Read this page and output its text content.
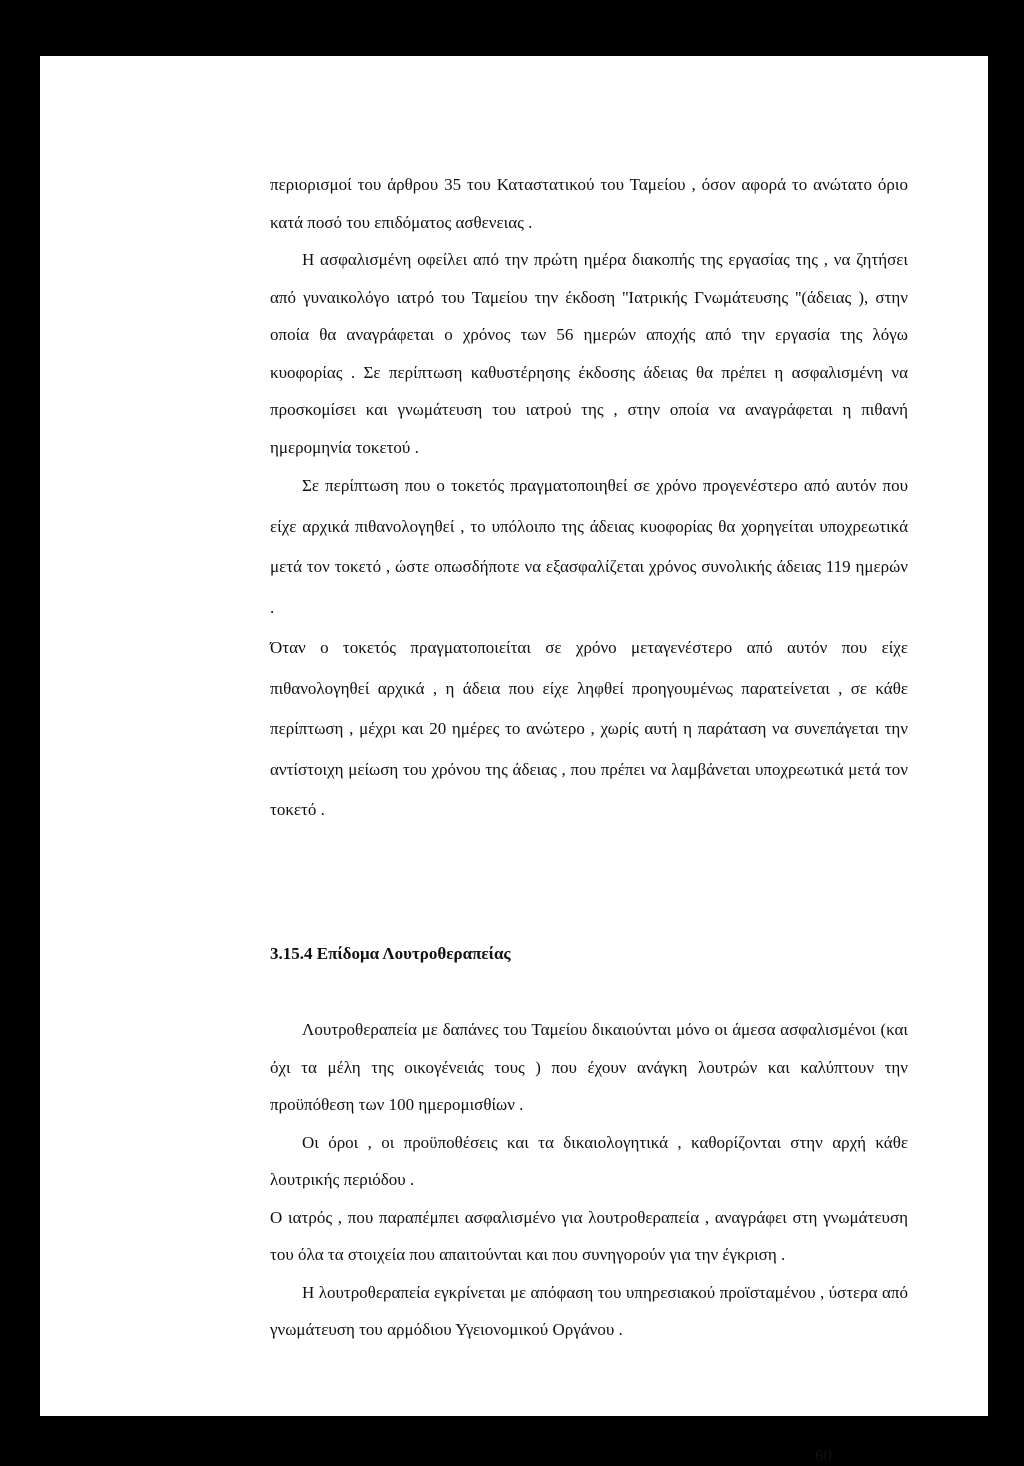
περιορισμοί του άρθρου 35 του Καταστατικού του Ταμείου , όσον αφορά το ανώτατο όριο κατά ποσό του επιδόματος ασθενειας .

Η ασφαλισμένη οφείλει από την πρώτη ημέρα διακοπής της εργασίας της , να ζητήσει από γυναικολόγο ιατρό του Ταμείου την έκδοση ''Ιατρικής Γνωμάτευσης ''(άδειας ), στην οποία θα αναγράφεται ο χρόνος των 56 ημερών αποχής από την εργασία της λόγω κυοφορίας . Σε περίπτωση καθυστέρησης έκδοσης άδειας θα πρέπει η ασφαλισμένη να προσκομίσει και γνωμάτευση του ιατρού της , στην οποία να αναγράφεται η πιθανή ημερομηνία τοκετού .

Σε περίπτωση που ο τοκετός πραγματοποιηθεί σε χρόνο προγενέστερο από αυτόν που είχε αρχικά πιθανολογηθεί , το υπόλοιπο της άδειας κυοφορίας θα χορηγείται υποχρεωτικά μετά τον τοκετό , ώστε οπωσδήποτε να εξασφαλίζεται χρόνος συνολικής άδειας 119 ημερών .

Όταν ο τοκετός πραγματοποιείται σε χρόνο μεταγενέστερο από αυτόν που είχε πιθανολογηθεί αρχικά , η άδεια που είχε ληφθεί προηγουμένως παρατείνεται , σε κάθε περίπτωση , μέχρι και 20 ημέρες το ανώτερο , χωρίς αυτή η παράταση να συνεπάγεται την αντίστοιχη μείωση του χρόνου της άδειας , που πρέπει να λαμβάνεται υποχρεωτικά μετά τον τοκετό .

3.15.4 Επίδομα Λουτροθεραπείας

Λουτροθεραπεία με δαπάνες του Ταμείου δικαιούνται μόνο οι άμεσα ασφαλισμένοι (και όχι τα μέλη της οικογένειάς τους ) που έχουν ανάγκη λουτρών και καλύπτουν την προϋπόθεση των 100 ημερομισθίων .

Οι όροι , οι προϋποθέσεις και τα δικαιολογητικά , καθορίζονται στην αρχή κάθε λουτρικής περιόδου .

Ο ιατρός , που παραπέμπει ασφαλισμένο για λουτροθεραπεία , αναγράφει στη γνωμάτευση του όλα τα στοιχεία που απαιτούνται και που συνηγορούν για την έγκριση .

Η λουτροθεραπεία εγκρίνεται με απόφαση του υπηρεσιακού προϊσταμένου , ύστερα από γνωμάτευση του αρμόδιου Υγειονομικού Οργάνου .

60
